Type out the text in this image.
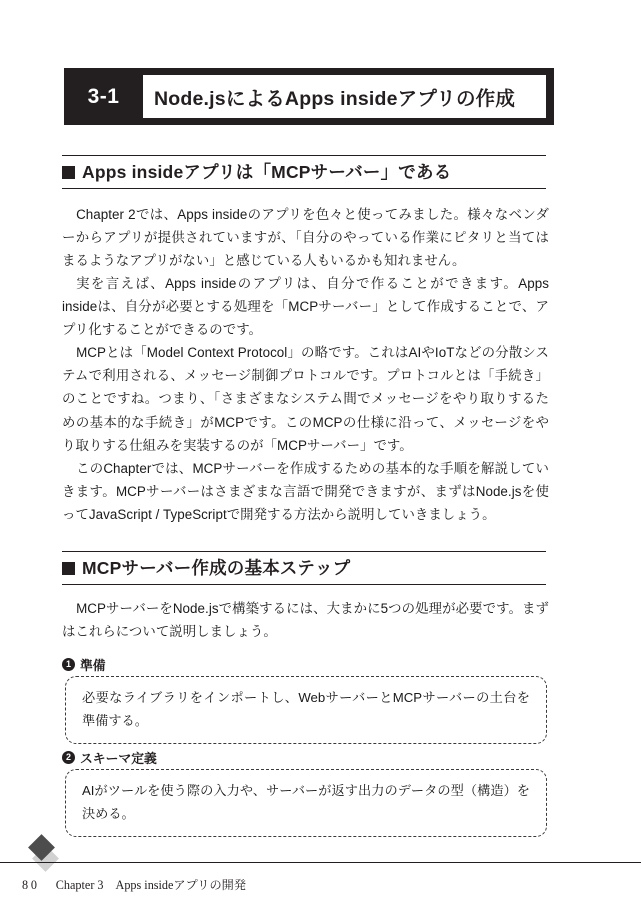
3-1	Node.jsによるApps insideアプリの作成
Apps insideアプリは「MCPサーバー」である
Chapter 2では、Apps insideのアプリを色々と使ってみました。様々なベンダーからアプリが提供されていますが、「自分のやっている作業にピタリと当てはまるようなアプリがない」と感じている人もいるかも知れません。
実を言えば、Apps insideのアプリは、自分で作ることができます。Apps insideは、自分が必要とする処理を「MCPサーバー」として作成することで、アプリ化することができるのです。
MCPとは「Model Context Protocol」の略です。これはAIやIoTなどの分散システムで利用される、メッセージ制御プロトコルです。プロトコルとは「手続き」のことですね。つまり、「さまざまなシステム間でメッセージをやり取りするための基本的な手続き」がMCPです。このMCPの仕様に沿って、メッセージをやり取りする仕組みを実装するのが「MCPサーバー」です。
このChapterでは、MCPサーバーを作成するための基本的な手順を解説していきます。MCPサーバーはさまざまな言語で開発できますが、まずはNode.jsを使ってJavaScript / TypeScriptで開発する方法から説明していきましょう。
MCPサーバー作成の基本ステップ
MCPサーバーをNode.jsで構築するには、大まかに5つの処理が必要です。まずはこれらについて説明しましょう。
1 準備
必要なライブラリをインポートし、WebサーバーとMCPサーバーの土台を準備する。
2 スキーマ定義
AIがツールを使う際の入力や、サーバーが返す出力のデータの型（構造）を決める。
80 Chapter 3 Apps insideアプリの開発
